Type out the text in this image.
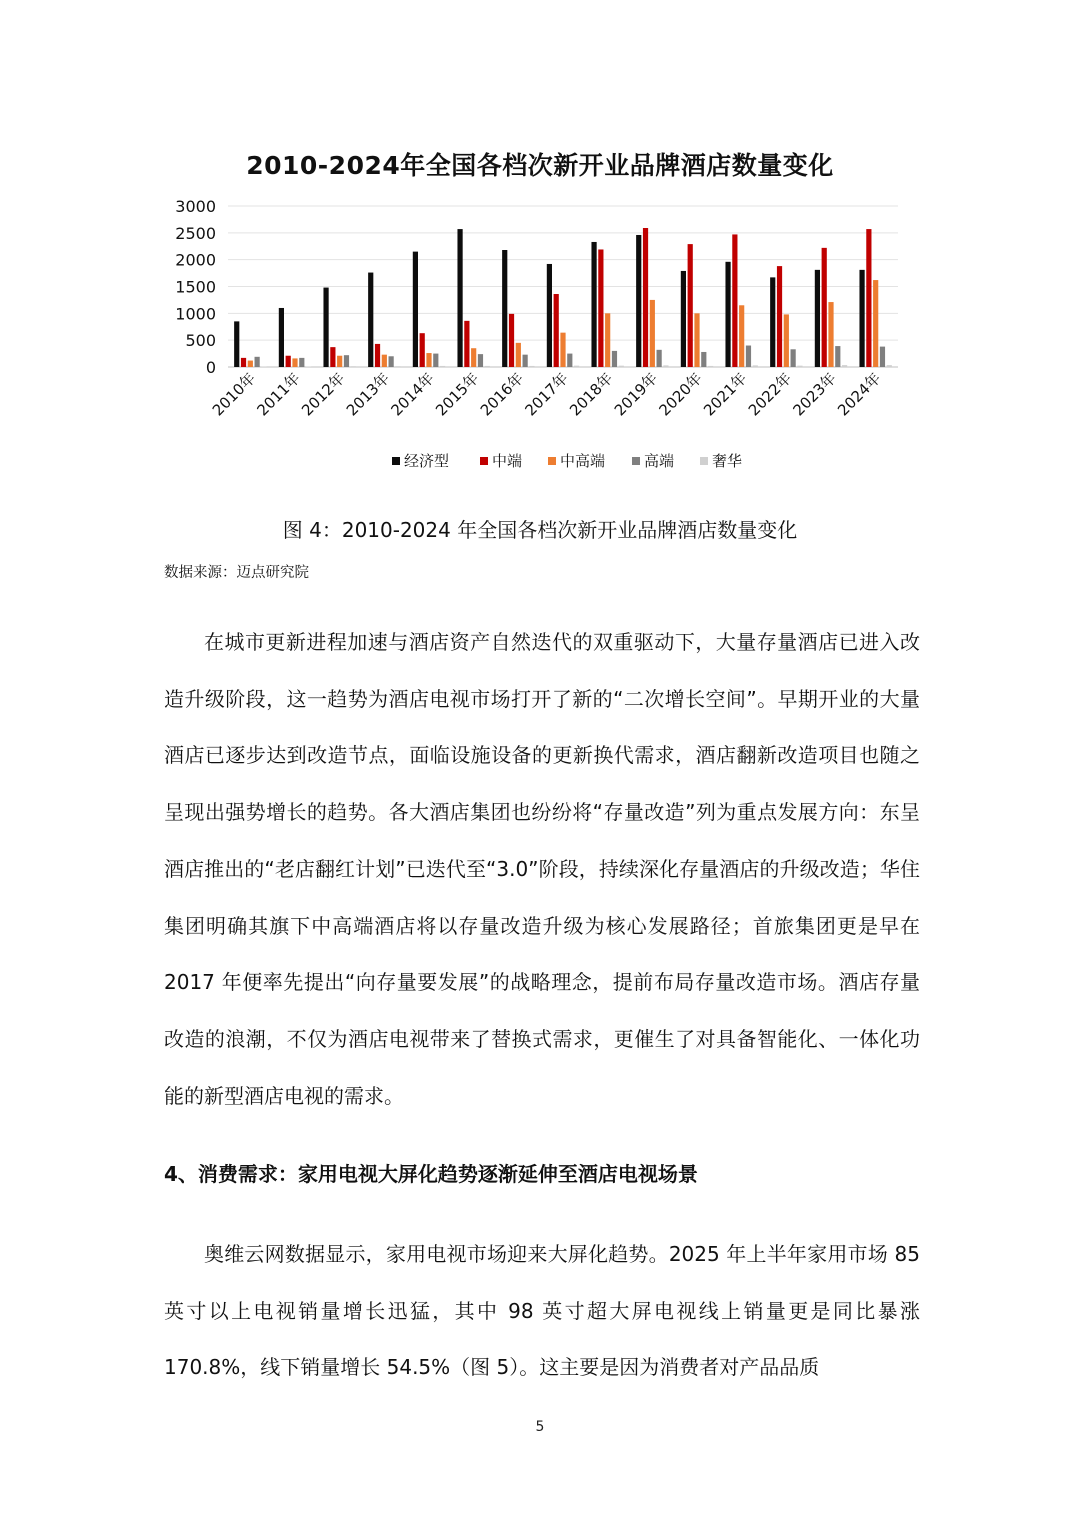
2010-2024年全国各档次新开业品牌酒店数量变化
0
500
1000
1500
2000
2500
3000
2010年
2011年
2012年
2013年
2014年
2015年
2016年
2017年
2018年
2019年
2020年
2021年
2022年
2023年
2024年
经济型	中端	中高端	高端	奢华
图 4：2010-2024 年全国各档次新开业品牌酒店数量变化
数据来源：迈点研究院

在城市更新进程加速与酒店资产自然迭代的双重驱动下，大量存量酒店已进入改造升级阶段，这一趋势为酒店电视市场打开了新的“二次增长空间”。早期开业的大量酒店已逐步达到改造节点，面临设施设备的更新换代需求，酒店翻新改造项目也随之呈现出强势增长的趋势。各大酒店集团也纷纷将“存量改造”列为重点发展方向：东呈酒店推出的“老店翻红计划”已迭代至“3.0”阶段，持续深化存量酒店的升级改造；华住集团明确其旗下中高端酒店将以存量改造升级为核心发展路径；首旅集团更是早在 2017 年便率先提出“向存量要发展”的战略理念，提前布局存量改造市场。酒店存量改造的浪潮，不仅为酒店电视带来了替换式需求，更催生了对具备智能化、一体化功能的新型酒店电视的需求。

4、消费需求：家用电视大屏化趋势逐渐延伸至酒店电视场景

奥维云网数据显示，家用电视市场迎来大屏化趋势。2025 年上半年家用市场 85 英寸以上电视销量增长迅猛，其中 98 英寸超大屏电视线上销量更是同比暴涨 170.8%，线下销量增长 54.5%（图 5）。这主要是因为消费者对产品品质

5
